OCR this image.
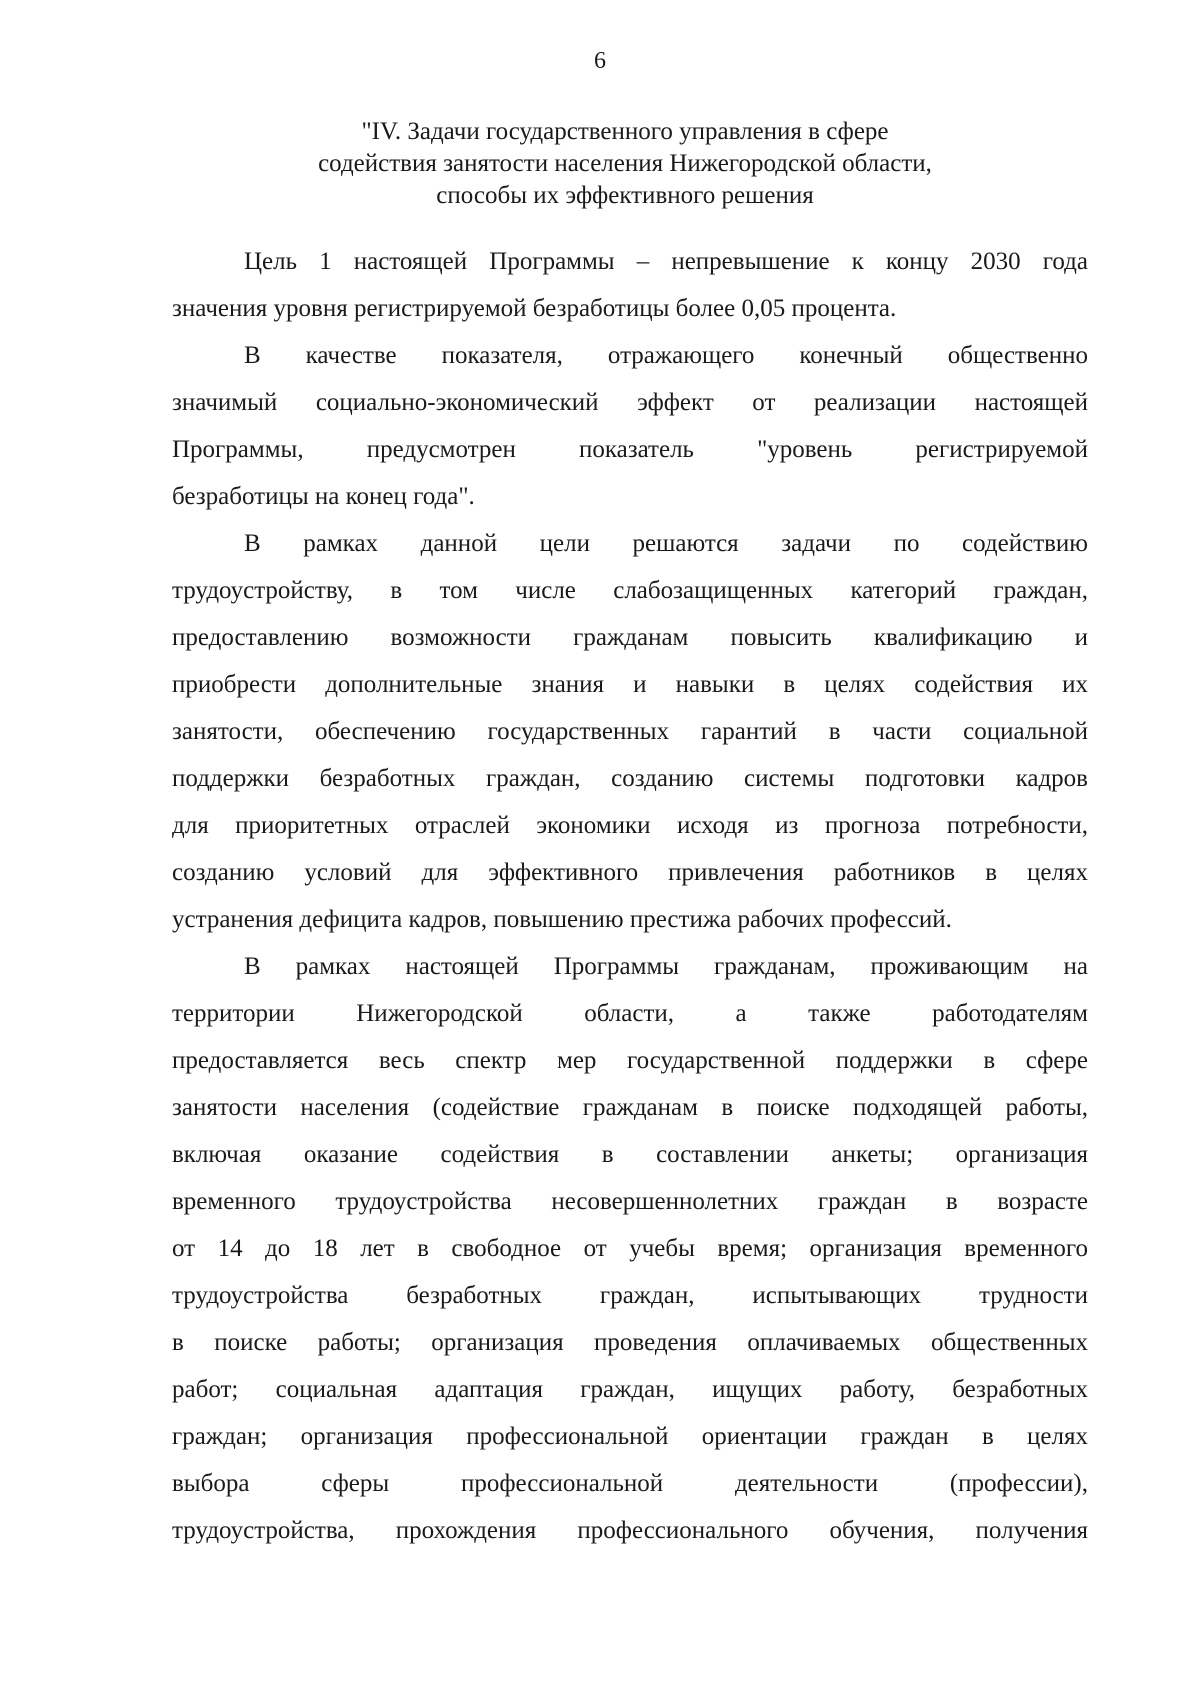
6
"IV. Задачи государственного управления в сфере
содействия занятости населения Нижегородской области,
способы их эффективного решения
Цель 1 настоящей Программы – непревышение к концу 2030 года
значения уровня регистрируемой безработицы более 0,05 процента.
В качестве показателя, отражающего конечный общественно
значимый социально-экономический эффект от реализации настоящей
Программы, предусмотрен показатель "уровень регистрируемой
безработицы на конец года".
В рамках данной цели решаются задачи по содействию
трудоустройству, в том числе слабозащищенных категорий граждан,
предоставлению возможности гражданам повысить квалификацию и
приобрести дополнительные знания и навыки в целях содействия их
занятости, обеспечению государственных гарантий в части социальной
поддержки безработных граждан, созданию системы подготовки кадров
для приоритетных отраслей экономики исходя из прогноза потребности,
созданию условий для эффективного привлечения работников в целях
устранения дефицита кадров, повышению престижа рабочих профессий.
В рамках настоящей Программы гражданам, проживающим на
территории Нижегородской области, а также работодателям
предоставляется весь спектр мер государственной поддержки в сфере
занятости населения (содействие гражданам в поиске подходящей работы,
включая оказание содействия в составлении анкеты; организация
временного трудоустройства несовершеннолетних граждан в возрасте
от 14 до 18 лет в свободное от учебы время; организация временного
трудоустройства безработных граждан, испытывающих трудности
в поиске работы; организация проведения оплачиваемых общественных
работ; социальная адаптация граждан, ищущих работу, безработных
граждан; организация профессиональной ориентации граждан в целях
выбора сферы профессиональной деятельности (профессии),
трудоустройства, прохождения профессионального обучения, получения
